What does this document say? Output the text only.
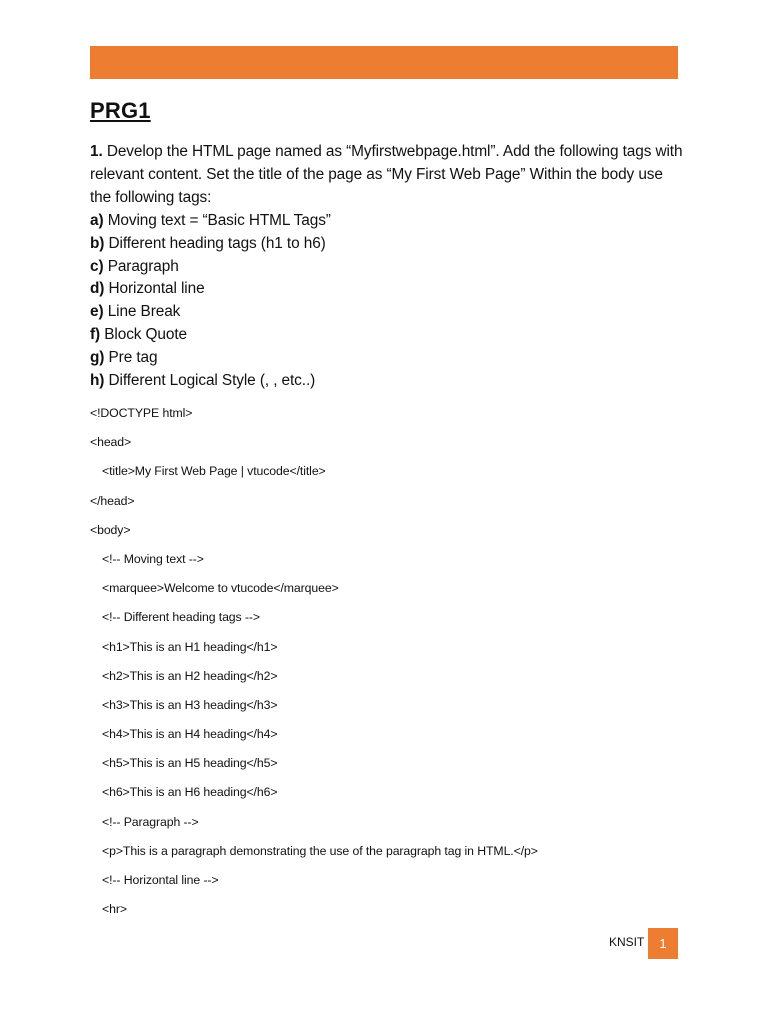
PRG1

1. Develop the HTML page named as “Myfirstwebpage.html”. Add the following tags with relevant content. Set the title of the page as “My First Web Page” Within the body use the following tags:

a) Moving text = “Basic HTML Tags”
b) Different heading tags (h1 to h6)
c) Paragraph
d) Horizontal line
e) Line Break
f) Block Quote
g) Pre tag
h) Different Logical Style (, , etc..)
<!DOCTYPE html>
<head>
<title>My First Web Page | vtucode</title>
</head>
<body>
<!-- Moving text -->
<marquee>Welcome to vtucode</marquee>
<!-- Different heading tags -->
<h1>This is an H1 heading</h1>
<h2>This is an H2 heading</h2>
<h3>This is an H3 heading</h3>
<h4>This is an H4 heading</h4>
<h5>This is an H5 heading</h5>
<h6>This is an H6 heading</h6>
<!-- Paragraph -->
<p>This is a paragraph demonstrating the use of the paragraph tag in HTML.</p>
<!-- Horizontal line -->
<hr>
KNSIT	1
